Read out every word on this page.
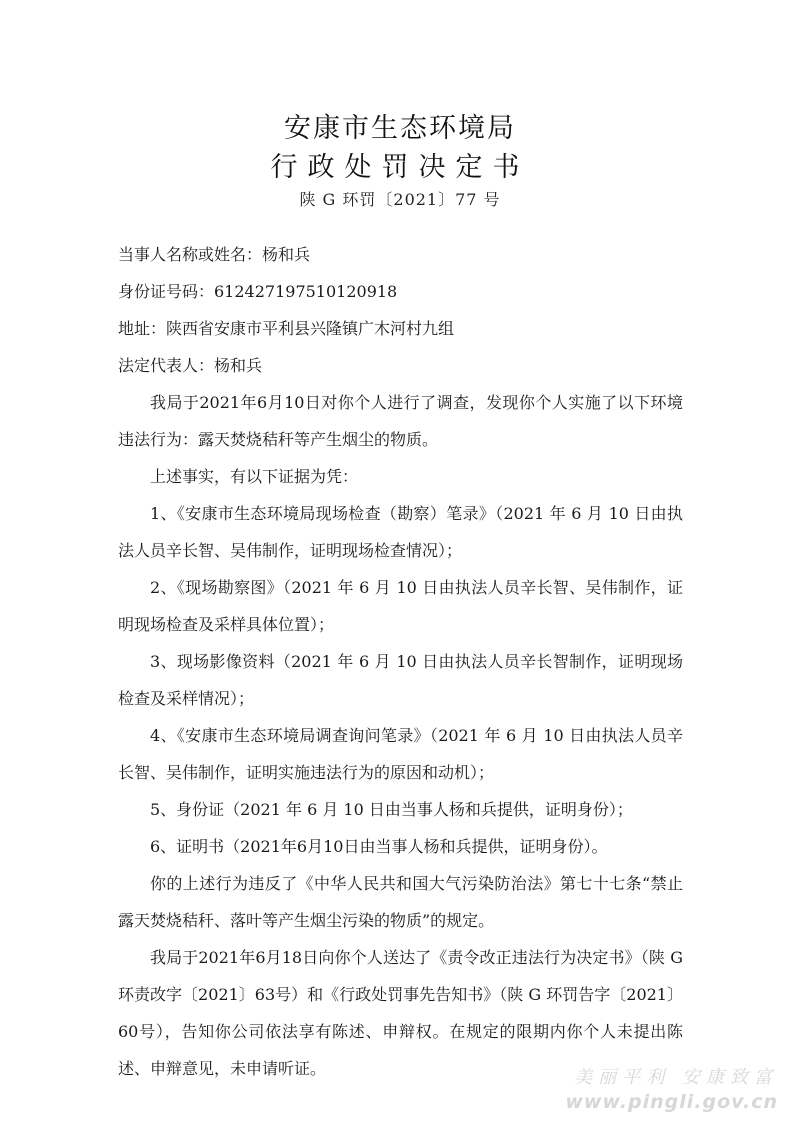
安康市生态环境局
行政处罚决定书
陕 G 环罚〔2021〕77 号

当事人名称或姓名：杨和兵

身份证号码：612427197510120918

地址：陕西省安康市平利县兴隆镇广木河村九组

法定代表人：杨和兵

我局于2021年6月10日对你个人进行了调查，发现你个人实施了以下环境违法行为：露天焚烧秸秆等产生烟尘的物质。

上述事实，有以下证据为凭：

1、《安康市生态环境局现场检查（勘察）笔录》（2021 年 6 月 10 日由执法人员辛长智、吴伟制作，证明现场检查情况）；

2、《现场勘察图》（2021 年 6 月 10 日由执法人员辛长智、吴伟制作，证明现场检查及采样具体位置）；

3、现场影像资料（2021 年 6 月 10 日由执法人员辛长智制作，证明现场检查及采样情况）；

4、《安康市生态环境局调查询问笔录》（2021 年 6 月 10 日由执法人员辛长智、吴伟制作，证明实施违法行为的原因和动机）；

5、身份证（2021 年 6 月 10 日由当事人杨和兵提供，证明身份）；

6、证明书（2021年6月10日由当事人杨和兵提供，证明身份）。

你的上述行为违反了《中华人民共和国大气污染防治法》第七十七条“禁止露天焚烧秸秆、落叶等产生烟尘污染的物质”的规定。

我局于2021年6月18日向你个人送达了《责令改正违法行为决定书》（陕 G 环责改字〔2021〕63号）和《行政处罚事先告知书》（陕 G 环罚告字〔2021〕60号），告知你公司依法享有陈述、申辩权。在规定的限期内你个人未提出陈述、申辩意见，未申请听证。	美丽平利 安康致富
www.pingli.gov.cn
